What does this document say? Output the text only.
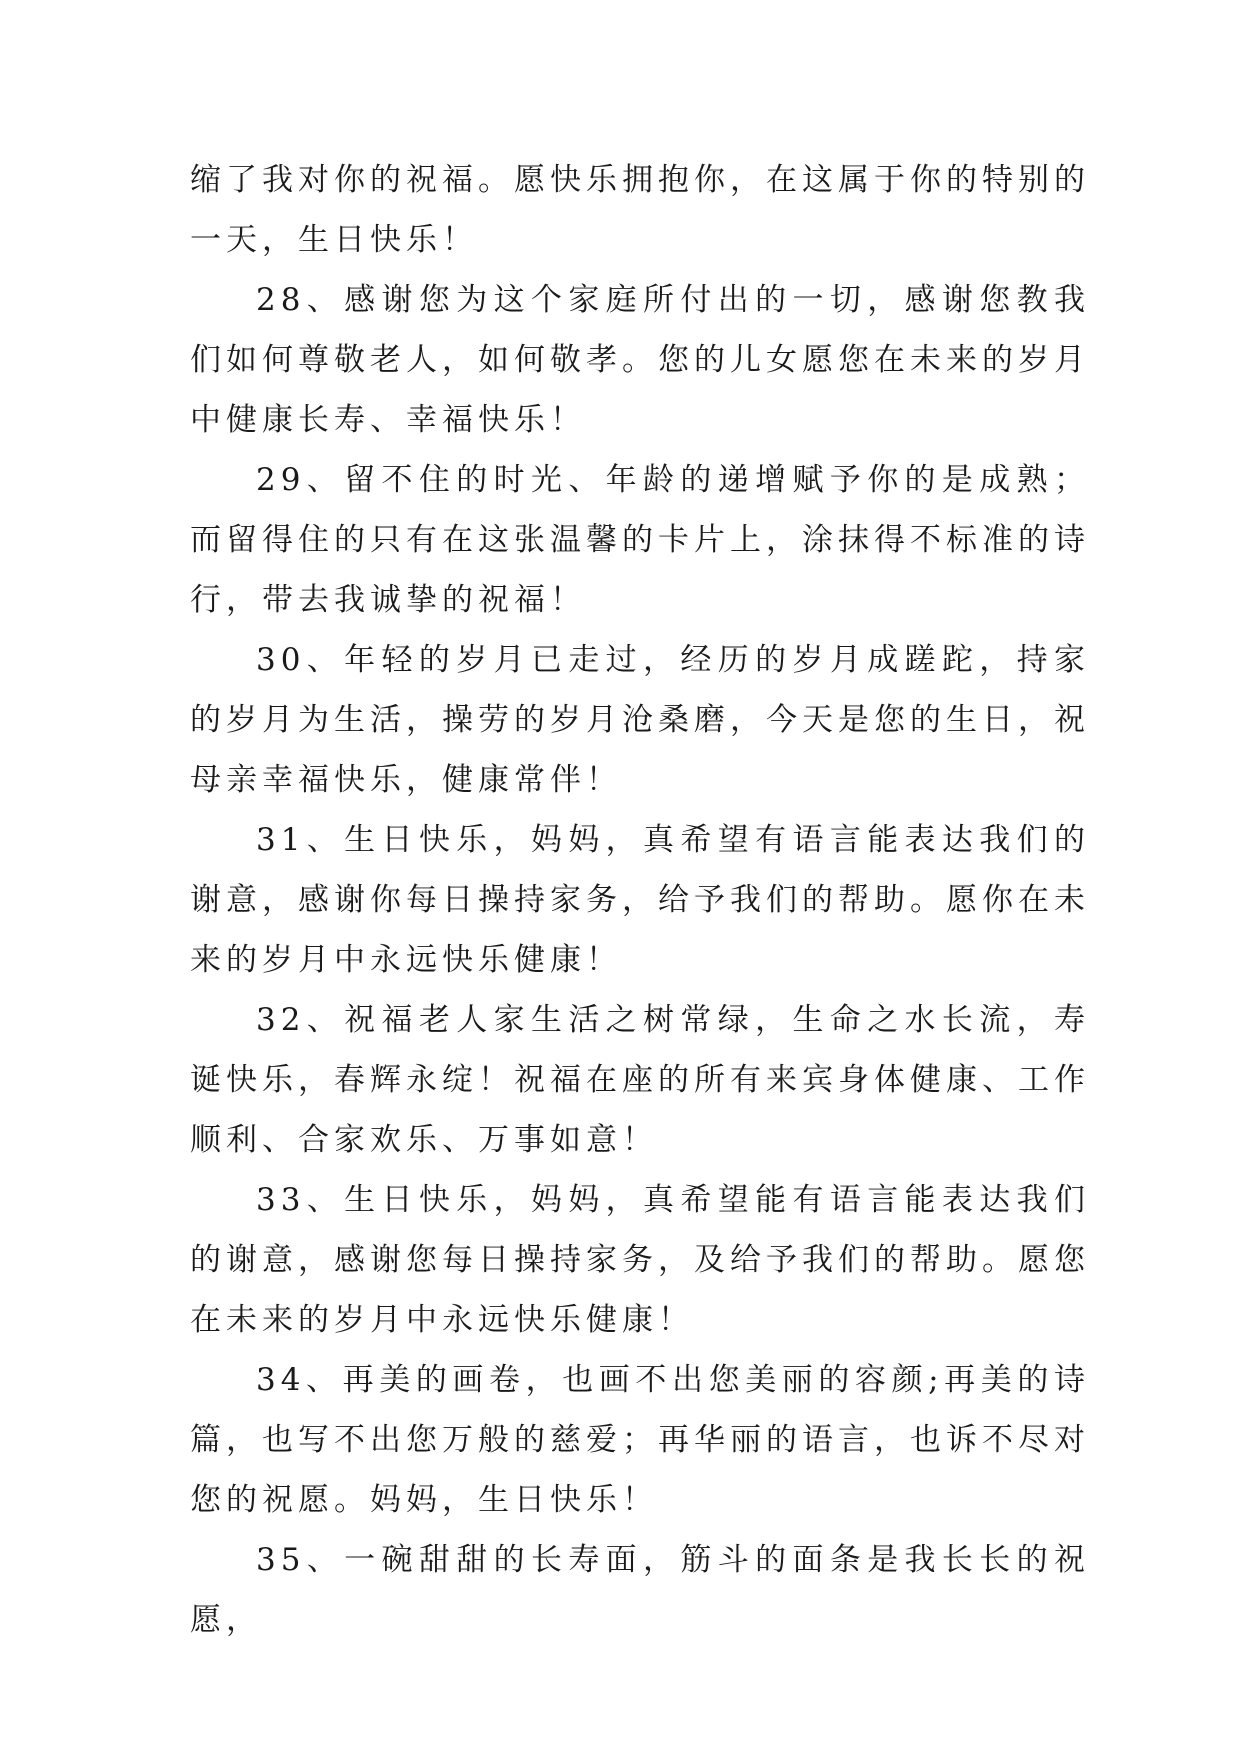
缩了我对你的祝福。愿快乐拥抱你，在这属于你的特别的一天，生日快乐！

28、感谢您为这个家庭所付出的一切，感谢您教我们如何尊敬老人，如何敬孝。您的儿女愿您在未来的岁月中健康长寿、幸福快乐！

29、留不住的时光、年龄的递增赋予你的是成熟；而留得住的只有在这张温馨的卡片上，涂抹得不标准的诗行，带去我诚挚的祝福！

30、年轻的岁月已走过，经历的岁月成蹉跎，持家的岁月为生活，操劳的岁月沧桑磨，今天是您的生日，祝母亲幸福快乐，健康常伴！

31、生日快乐，妈妈，真希望有语言能表达我们的谢意，感谢你每日操持家务，给予我们的帮助。愿你在未来的岁月中永远快乐健康！

32、祝福老人家生活之树常绿，生命之水长流，寿诞快乐，春辉永绽！祝福在座的所有来宾身体健康、工作顺利、合家欢乐、万事如意！

33、生日快乐，妈妈，真希望能有语言能表达我们的谢意，感谢您每日操持家务，及给予我们的帮助。愿您在未来的岁月中永远快乐健康！

34、再美的画卷，也画不出您美丽的容颜;再美的诗篇，也写不出您万般的慈爱；再华丽的语言，也诉不尽对您的祝愿。妈妈，生日快乐！

35、一碗甜甜的长寿面，筋斗的面条是我长长的祝愿，
